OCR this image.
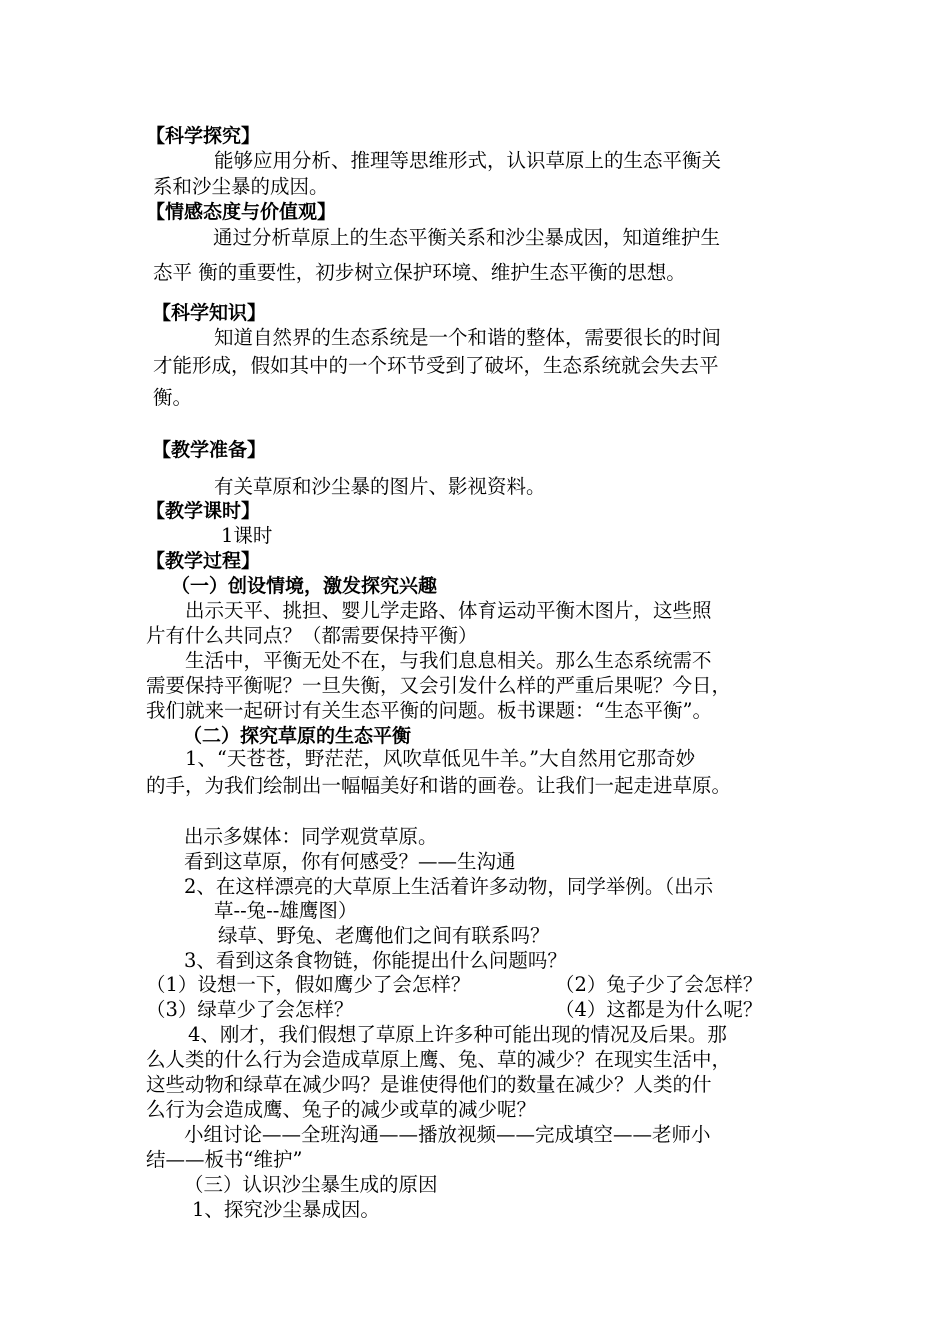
【科学探究】
能够应用分析、推理等思维形式，认识草原上的生态平衡关
系和沙尘暴的成因。
【情感态度与价值观】
通过分析草原上的生态平衡关系和沙尘暴成因，知道维护生
态平 衡的重要性，初步树立保护环境、维护生态平衡的思想。
【科学知识】
知道自然界的生态系统是一个和谐的整体，需要很长的时间
才能形成，假如其中的一个环节受到了破坏，生态系统就会失去平
衡。
【教学准备】
有关草原和沙尘暴的图片、影视资料。
【教学课时】
1课时
【教学过程】
（一）创设情境，激发探究兴趣
出示天平、挑担、婴儿学走路、体育运动平衡木图片，这些照
片有什么共同点？（都需要保持平衡）
生活中，平衡无处不在，与我们息息相关。那么生态系统需不
需要保持平衡呢？一旦失衡，又会引发什么样的严重后果呢？今日，
我们就来一起研讨有关生态平衡的问题。板书课题：“生态平衡”。
（二）探究草原的生态平衡
1、“天苍苍，野茫茫，风吹草低见牛羊。”大自然用它那奇妙
的手，为我们绘制出一幅幅美好和谐的画卷。让我们一起走进草原。
出示多媒体：同学观赏草原。
看到这草原，你有何感受？——生沟通
2、在这样漂亮的大草原上生活着许多动物，同学举例。（出示
草--兔--雄鹰图）
绿草、野兔、老鹰他们之间有联系吗？
3、看到这条食物链，你能提出什么问题吗？
（1）设想一下，假如鹰少了会怎样？	（2）兔子少了会怎样？
（3）绿草少了会怎样？	（4）这都是为什么呢？
4、刚才，我们假想了草原上许多种可能出现的情况及后果。那
么人类的什么行为会造成草原上鹰、兔、草的减少？在现实生活中，
这些动物和绿草在减少吗？是谁使得他们的数量在减少？人类的什
么行为会造成鹰、兔子的减少或草的减少呢？
小组讨论——全班沟通——播放视频——完成填空——老师小
结——板书“维护”
（三）认识沙尘暴生成的原因
1、探究沙尘暴成因。
